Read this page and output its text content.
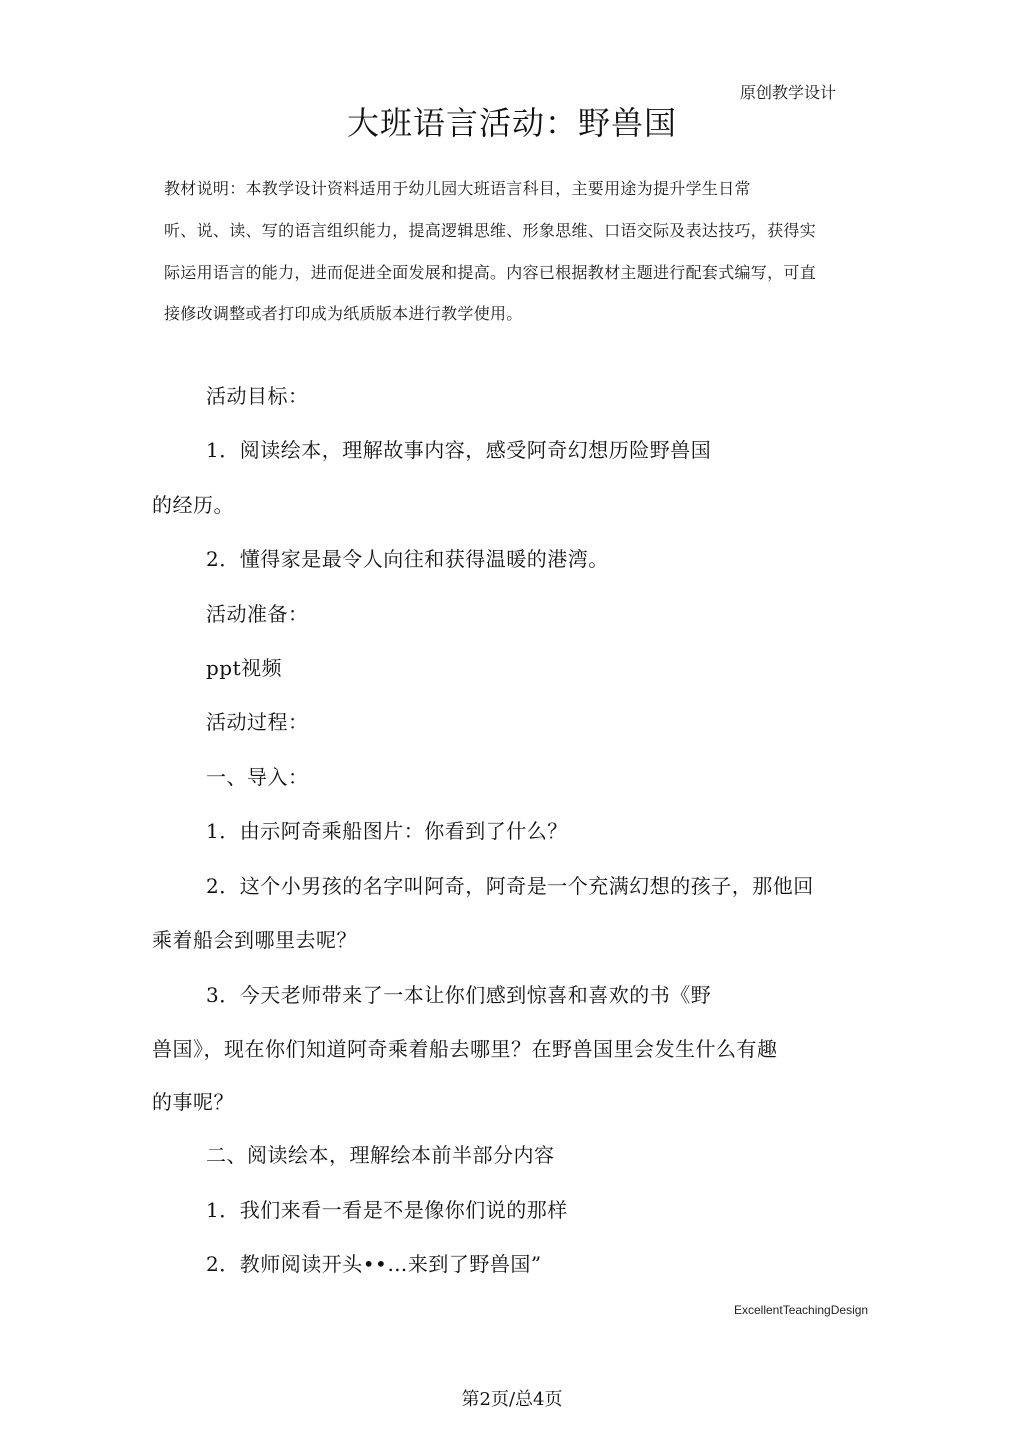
原创教学设计
大班语言活动：野兽国
教材说明：本教学设计资料适用于幼儿园大班语言科目，主要用途为提升学生日常
听、说、读、写的语言组织能力，提高逻辑思维、形象思维、口语交际及表达技巧，获得实
际运用语言的能力，进而促进全面发展和提高。内容已根据教材主题进行配套式编写，可直
接修改调整或者打印成为纸质版本进行教学使用。
活动目标：
1．阅读绘本，理解故事内容，感受阿奇幻想历险野兽国
的经历。
2．懂得家是最令人向往和获得温暖的港湾。
活动准备：
ppt视频
活动过程：
一、导入：
1．由示阿奇乘船图片：你看到了什么？
2．这个小男孩的名字叫阿奇，阿奇是一个充满幻想的孩子，那他回
乘着船会到哪里去呢？
3．今天老师带来了一本让你们感到惊喜和喜欢的书《野
兽国》，现在你们知道阿奇乘着船去哪里？在野兽国里会发生什么有趣
的事呢？
二、阅读绘本，理解绘本前半部分内容
1．我们来看一看是不是像你们说的那样
2．教师阅读开头••…来到了野兽国”
ExcellentTeachingDesign
第2页/总4页
